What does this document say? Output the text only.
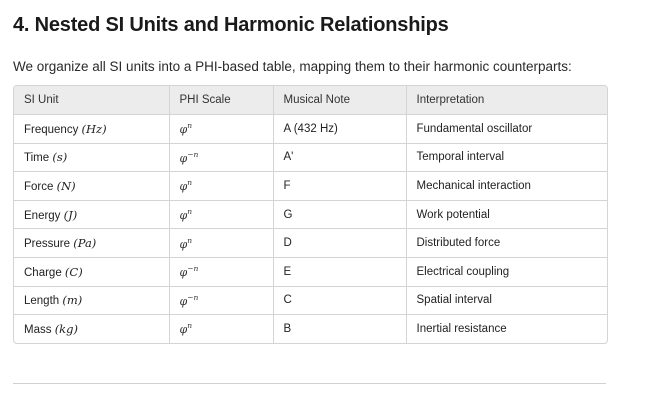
4. Nested SI Units and Harmonic Relationships

We organize all SI units into a PHI-based table, mapping them to their harmonic counterparts:

SI Unit	PHI Scale	Musical Note	Interpretation
Frequency (Hz)	$\varphi^n$	A (432 Hz)	Fundamental oscillator
Time (s)	$\varphi^{-n}$	A'	Temporal interval
Force (N)	$\varphi^n$	F	Mechanical interaction
Energy (J)	$\varphi^n$	G	Work potential
Pressure (Pa)	$\varphi^n$	D	Distributed force
Charge (C)	$\varphi^{-n}$	E	Electrical coupling
Length (m)	$\varphi^{-n}$	C	Spatial interval
Mass (kg)	$\varphi^n$	B	Inertial resistance
